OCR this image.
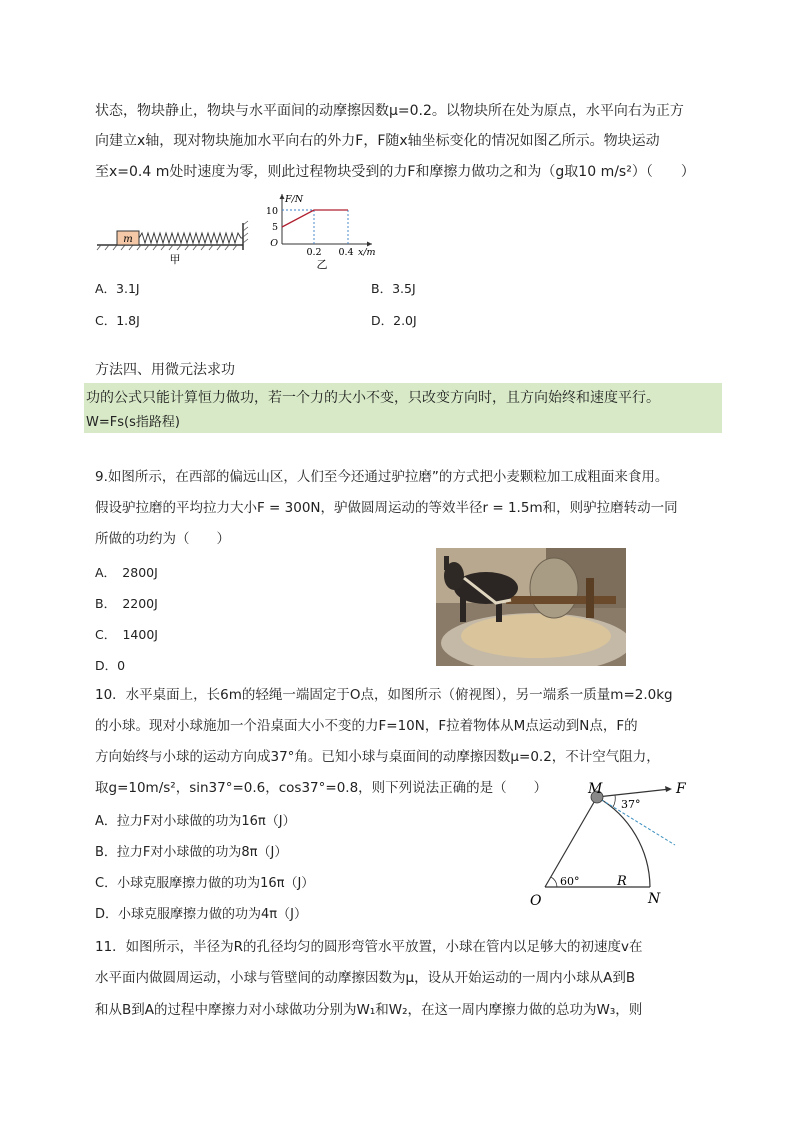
状态，物块静止，物块与水平面间的动摩擦因数μ=0.2。以物块所在处为原点，水平向右为正方
向建立x轴，现对物块施加水平向右的外力F，F随x轴坐标变化的情况如图乙所示。物块运动
至x=0.4 m处时速度为零，则此过程物块受到的力F和摩擦力做功之和为（g取10 m/s²）（　　）
m
甲
F/N
10
5
O
0.2 0.4 x/m
乙
A．3.1J	B．3.5J
C．1.8J	D．2.0J
方法四、用微元法求功
功的公式只能计算恒力做功，若一个力的大小不变，只改变方向时，且方向始终和速度平行。
W=Fs(s指路程)
9.如图所示，在西部的偏远山区，人们至今还通过驴拉磨”的方式把小麦颗粒加工成粗面来食用。
假设驴拉磨的平均拉力大小F = 300N，驴做圆周运动的等效半径r = 1.5m和，则驴拉磨转动一同
所做的功约为（　　）
A．　2800J
B．　2200J
C．　1400J
D．0
10．水平桌面上，长6m的轻绳一端固定于O点，如图所示（俯视图），另一端系一质量m=2.0kg
的小球。现对小球施加一个沿桌面大小不变的力F=10N，F拉着物体从M点运动到N点，F的
方向始终与小球的运动方向成37°角。已知小球与桌面间的动摩擦因数μ=0.2，不计空气阻力，
取g=10m/s²，sin37°=0.6，cos37°=0.8，则下列说法正确的是（　　）
A．拉力F对小球做的功为16π（J）
B．拉力F对小球做的功为8π（J）
C．小球克服摩擦力做的功为16π（J）
D．小球克服摩擦力做的功为4π（J）
M	F
37°
60°	R
O	N
11．如图所示，半径为R的孔径均匀的圆形弯管水平放置，小球在管内以足够大的初速度v在
水平面内做圆周运动，小球与管壁间的动摩擦因数为μ，设从开始运动的一周内小球从A到B
和从B到A的过程中摩擦力对小球做功分别为W₁和W₂，在这一周内摩擦力做的总功为W₃，则
